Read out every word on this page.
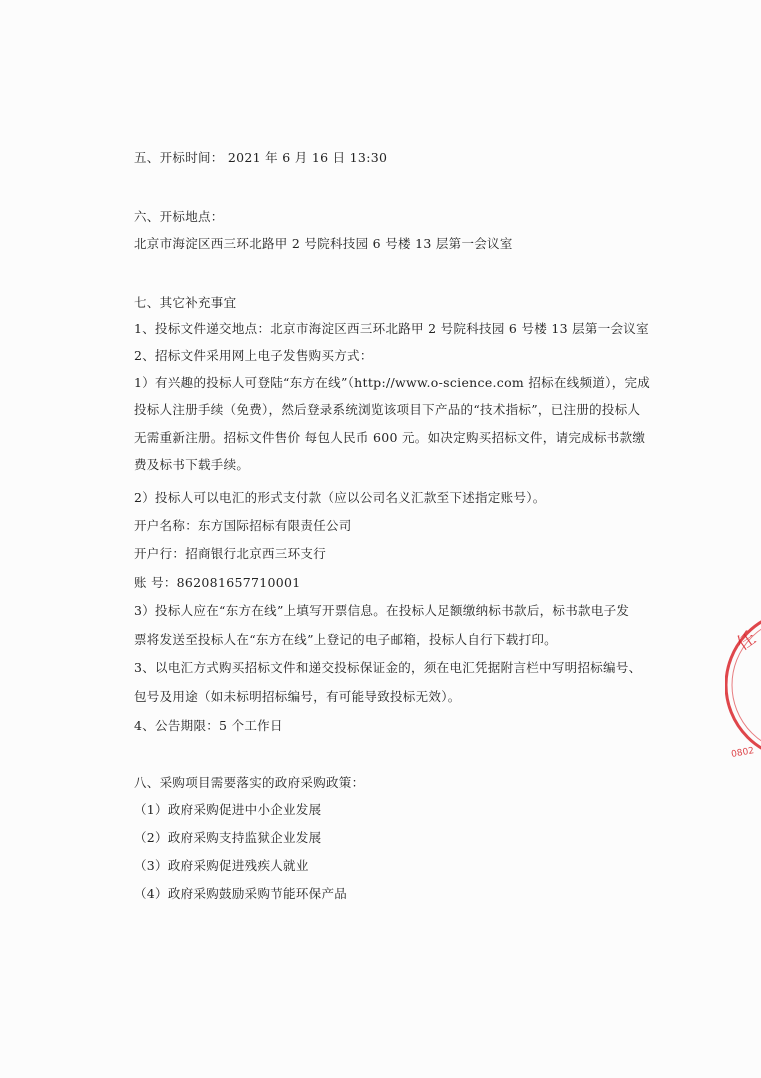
五、开标时间： 2021 年 6 月 16 日 13:30
六、开标地点：
北京市海淀区西三环北路甲 2 号院科技园 6 号楼 13 层第一会议室
七、其它补充事宜
1、投标文件递交地点：北京市海淀区西三环北路甲 2 号院科技园 6 号楼 13 层第一会议室
2、招标文件采用网上电子发售购买方式：
1）有兴趣的投标人可登陆“东方在线”（http://www.o-science.com 招标在线频道），完成
投标人注册手续（免费），然后登录系统浏览该项目下产品的“技术指标”，已注册的投标人
无需重新注册。招标文件售价 每包人民币 600 元。如决定购买招标文件，请完成标书款缴
费及标书下载手续。
2）投标人可以电汇的形式支付款（应以公司名义汇款至下述指定账号）。
开户名称：东方国际招标有限责任公司
开户行：招商银行北京西三环支行
账 号：862081657710001
3）投标人应在“东方在线”上填写开票信息。在投标人足额缴纳标书款后，标书款电子发
票将发送至投标人在“东方在线”上登记的电子邮箱，投标人自行下载打印。
3、以电汇方式购买招标文件和递交投标保证金的，须在电汇凭据附言栏中写明招标编号、
包号及用途（如未标明招标编号，有可能导致投标无效）。
4、公告期限：5 个工作日
八、采购项目需要落实的政府采购政策：
（1）政府采购促进中小企业发展
（2）政府采购支持监狱企业发展
（3）政府采购促进残疾人就业
（4）政府采购鼓励采购节能环保产品
任
0802
